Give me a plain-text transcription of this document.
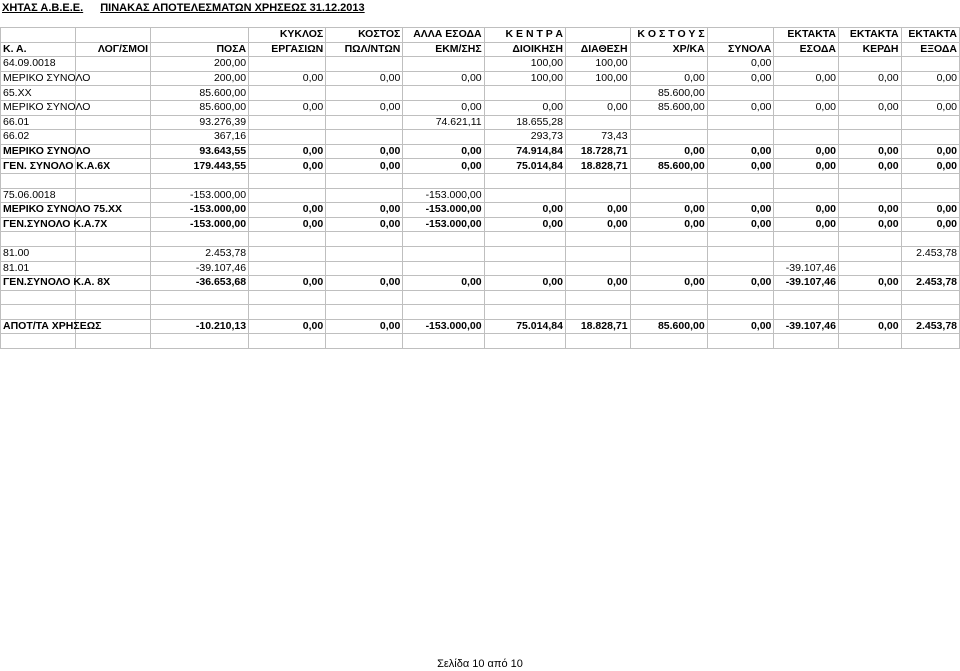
ΧΗΤΑΣ Α.Β.Ε.Ε. ΠΙΝΑΚΑΣ ΑΠΟΤΕΛΕΣΜΑΤΩΝ ΧΡΗΣΕΩΣ 31.12.2013
			ΚΥΚΛΟΣ	ΚΟΣΤΟΣ	ΑΛΛΑ ΕΣΟΔΑ	Κ Ε Ν Τ Ρ Α		Κ Ο Σ Τ Ο Υ Σ		ΕΚΤΑΚΤΑ	ΕΚΤΑΚΤΑ	ΕΚΤΑΚΤΑ
Κ. Α.	ΛΟΓ/ΣΜΟΙ	ΠΟΣΑ	ΕΡΓΑΣΙΩΝ	ΠΩΛ/ΝΤΩΝ	ΕΚΜ/ΣΗΣ	ΔΙΟΙΚΗΣΗ	ΔΙΑΘΕΣΗ	ΧΡ/ΚΑ	ΣΥΝΟΛΑ	ΕΣΟΔΑ	ΚΕΡΔΗ	ΕΞΟΔΑ
64.09.0018		200,00				100,00	100,00		0,00			
ΜΕΡΙΚΟ ΣΥΝΟΛΟ		200,00	0,00	0,00	0,00	100,00	100,00	0,00	0,00	0,00	0,00	0,00
65.ΧΧ		85.600,00						85.600,00				
ΜΕΡΙΚΟ ΣΥΝΟΛΟ		85.600,00	0,00	0,00	0,00	0,00	0,00	85.600,00	0,00	0,00	0,00	0,00
66.01		93.276,39			74.621,11	18.655,28						
66.02		367,16				293,73	73,43					
ΜΕΡΙΚΟ ΣΥΝΟΛΟ		93.643,55	0,00	0,00	0,00	74.914,84	18.728,71	0,00	0,00	0,00	0,00	0,00
ΓΕΝ. ΣΥΝΟΛΟ Κ.Α.6Χ		179.443,55	0,00	0,00	0,00	75.014,84	18.828,71	85.600,00	0,00	0,00	0,00	0,00

75.06.0018		-153.000,00			-153.000,00							
ΜΕΡΙΚΟ ΣΥΝΟΛΟ 75.ΧΧ		-153.000,00	0,00	0,00	-153.000,00	0,00	0,00	0,00	0,00	0,00	0,00	0,00
ΓΕΝ.ΣΥΝΟΛΟ Κ.Α.7Χ		-153.000,00	0,00	0,00	-153.000,00	0,00	0,00	0,00	0,00	0,00	0,00	0,00

81.00		2.453,78										2.453,78
81.01		-39.107,46								-39.107,46		
ΓΕΝ.ΣΥΝΟΛΟ Κ.Α. 8Χ		-36.653,68	0,00	0,00	0,00	0,00	0,00	0,00	0,00	-39.107,46	0,00	2.453,78

ΑΠΟΤ/ΤΑ ΧΡΗΣΕΩΣ		-10.210,13	0,00	0,00	-153.000,00	75.014,84	18.828,71	85.600,00	0,00	-39.107,46	0,00	2.453,78

Σελίδα 10 από 10
